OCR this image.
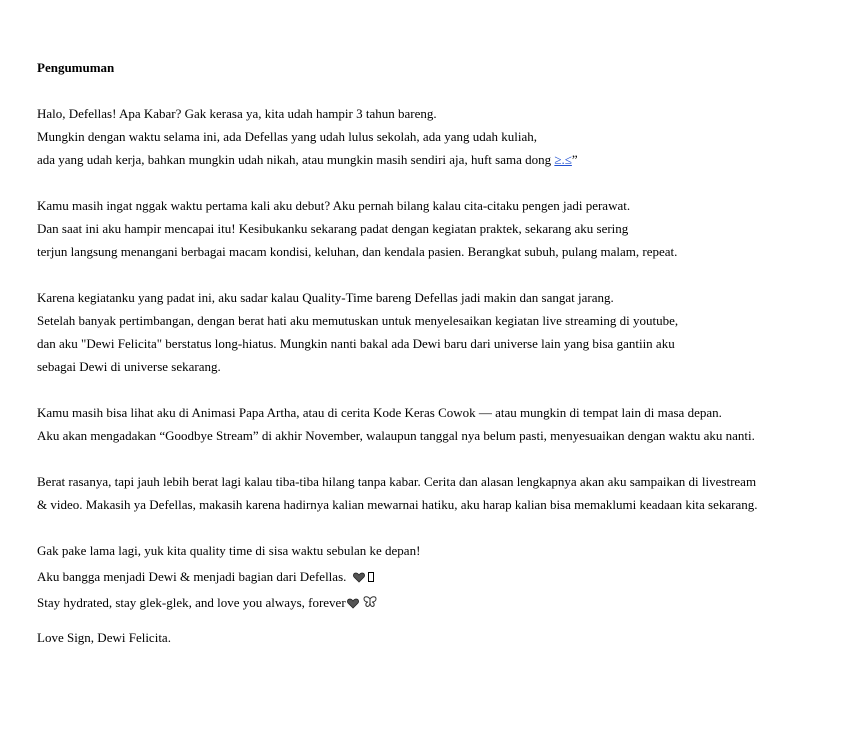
Pengumuman
Halo, Defellas! Apa Kabar? Gak kerasa ya, kita udah hampir 3 tahun bareng.
Mungkin dengan waktu selama ini, ada Defellas yang udah lulus sekolah, ada yang udah kuliah,
ada yang udah kerja, bahkan mungkin udah nikah, atau mungkin masih sendiri aja, huft sama dong ≥.≤”
Kamu masih ingat nggak waktu pertama kali aku debut? Aku pernah bilang kalau cita-citaku pengen jadi perawat.
Dan saat ini aku hampir mencapai itu! Kesibukanku sekarang padat dengan kegiatan praktek, sekarang aku sering
terjun langsung menangani berbagai macam kondisi, keluhan, dan kendala pasien. Berangkat subuh, pulang malam, repeat.
Karena kegiatanku yang padat ini, aku sadar kalau Quality-Time bareng Defellas jadi makin dan sangat jarang.
Setelah banyak pertimbangan, dengan berat hati aku memutuskan untuk menyelesaikan kegiatan live streaming di youtube,
dan aku "Dewi Felicita" berstatus long-hiatus. Mungkin nanti bakal ada Dewi baru dari universe lain yang bisa gantiin aku
sebagai Dewi di universe sekarang.
Kamu masih bisa lihat aku di Animasi Papa Artha, atau di cerita Kode Keras Cowok — atau mungkin di tempat lain di masa depan.
Aku akan mengadakan “Goodbye Stream” di akhir November, walaupun tanggal nya belum pasti, menyesuaikan dengan waktu aku nanti.
Berat rasanya, tapi jauh lebih berat lagi kalau tiba-tiba hilang tanpa kabar. Cerita dan alasan lengkapnya akan aku sampaikan di livestream
& video. Makasih ya Defellas, makasih karena hadirnya kalian mewarnai hatiku, aku harap kalian bisa memaklumi keadaan kita sekarang.
Gak pake lama lagi, yuk kita quality time di sisa waktu sebulan ke depan!
Aku bangga menjadi Dewi & menjadi bagian dari Defellas.
Stay hydrated, stay glek-glek, and love you always, forever
Love Sign, Dewi Felicita.
